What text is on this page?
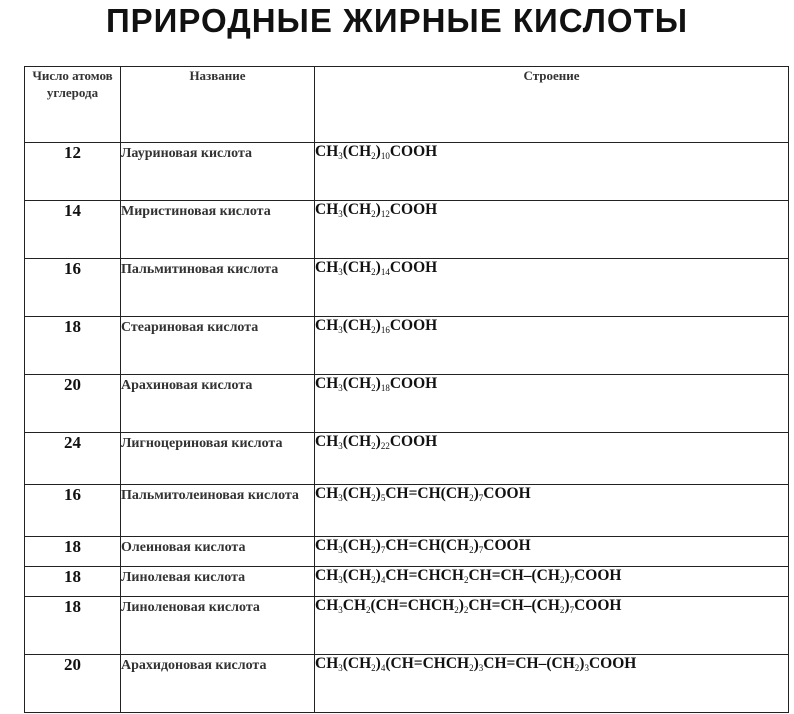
ПРИРОДНЫЕ ЖИРНЫЕ КИСЛОТЫ
Число атомов углерода	Название	Строение

12	Лауриновая кислота	$CH_3(CH_2)_{10}COOH$
14	Миристиновая кислота	$CH_3(CH_2)_{12}COOH$
16	Пальмитиновая кислота	$CH_3(CH_2)_{14}COOH$
18	Стеариновая кислота	$CH_3(CH_2)_{16}COOH$
20	Арахиновая кислота	$CH_3(CH_2)_{18}COOH$
24	Лигноцериновая кислота	$CH_3(CH_2)_{22}COOH$
16	Пальмитолеиновая кислота	$CH_3(CH_2)_5CH=CH(CH_2)_7COOH$
18	Олеиновая кислота	$CH_3(CH_2)_7CH=CH(CH_2)_7COOH$
18	Линолевая кислота	$CH_3(CH_2)_4CH=CHCH_2CH=CH-(CH_2)_7COOH$
18	Линоленовая кислота	$CH_3CH_2(CH=CHCH_2)_2CH=CH-(CH_2)_7COOH$
20	Арахидоновая кислота	$CH_3(CH_2)_4(CH=CHCH_2)_3CH=CH-(CH_2)_3COOH$
